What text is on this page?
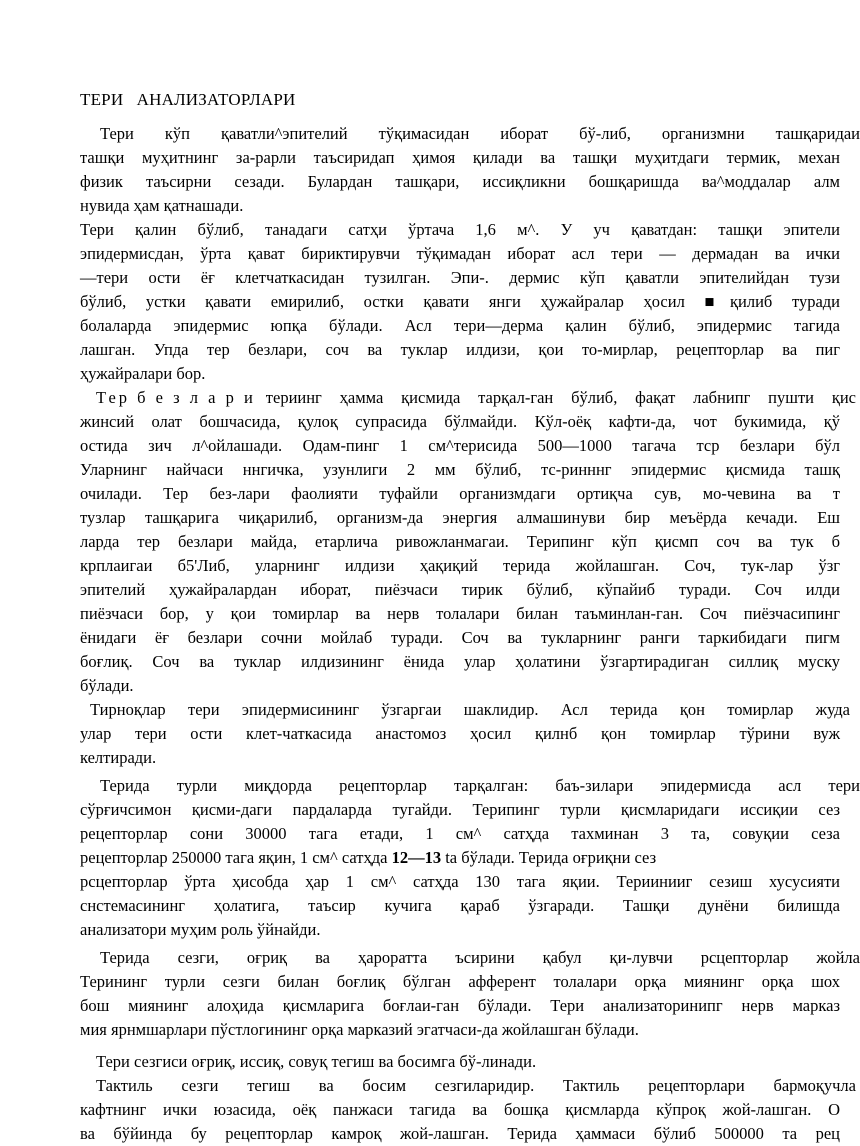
ТЕРИ   АНАЛИЗАТОРЛАРИ
Тери кўп қаватли^эпителий тўқимасидан иборат бў-либ, организмни ташқаридаи
ташқи муҳитнинг за-рарли таъсиридап ҳимоя қилади ва ташқи муҳитдаги термик, механ
физик таъсирни сезади. Булардан ташқари, иссиқликни бошқаришда ва^моддалар алм
нувида ҳам қатнашади.
Тери қалин бўлиб, танадаги сатҳи ўртача 1,6 м^. У уч қаватдан: ташқи эпители
эпидермисдан, ўрта қават бириктирувчи тўқимадан иборат асл тери — дермадан ва ички
—тери ости ёғ клетчаткасидан тузилган. Эпи-. дермис кўп қаватли эпителийдан тузи
бўлиб, устки қавати емирилиб, остки қавати янги ҳужайралар ҳосил ■қилиб туради
болаларда эпидермис юпқа бўлади. Асл тери—дерма қалин бўлиб, эпидермис тагида
лашган. Упда тер безлари, соч ва туклар илдизи, қои то-мирлар, рецепторлар ва пиг
ҳужайралари бор.
Тер б е з л а р и териинг ҳамма қисмида тарқал-ган бўлиб, фақат лабнипг пушти қис
жинсий олат бошчасида, қулоқ супрасида бўлмайди. Кўл-оёқ кафти-да, чот букимида, қў
остида зич л^ойлашади. Одам-пинг 1 см^терисида 500—1000 тагача тср безлари бўл
Уларнинг найчаси ннгичка, узунлиги 2 мм бўлиб, тс-ринннг эпидермис қисмида ташқ
очилади. Тер без-лари фаолияти туфайли организмдаги ортиқча сув, мо-чевина ва т
тузлар ташқарига чиқарилиб, организм-да энергия алмашинуви бир меъёрда кечади. Еш
ларда тер безлари майда, етарлича ривожланмагаи. Терипинг кўп қисмп соч ва тук б
крплаигаи б5'Либ, уларнинг илдизи ҳақиқий терида жойлашган. Соч, тук-лар ўзг
эпителий ҳужайралардан иборат, пиёзчаси тирик бўлиб, кўпайиб туради. Соч илди
пиёзчаси бор, у қои томирлар ва нерв толалари билан таъминлан-ган. Соч пиёзчасипинг
ёнидаги ёғ безлари сочни мойлаб туради. Соч ва тукларнинг ранги таркибидаги пигм
боғлиқ. Соч ва туклар илдизининг ёнида улар ҳолатини ўзгартирадиган силлиқ муску
бўлади.
Тирноқлар тери эпидермисининг ўзгаргаи шаклидир. Асл терида қон томирлар жуда
улар тери ости клет-чаткасида анастомоз ҳосил қилнб қон томирлар тўрини вуж
келтиради.
Терида турли миқдорда рецепторлар тарқалган: баъ-зилари эпидермисда асл тери
сўрғичсимон қисми-даги пардаларда тугайди. Терипинг турли қисмларидаги иссиқии сез
рецепторлар сони 30000 тага етади, 1 см^ сатҳда тахминан 3 та, совуқии сеза
рецепторлар 250000 тага яқин, 1 см^ сатҳда 12—13 ta бўлади. Терида оғриқни сез
рсцепторлар ўрта ҳисобда ҳар 1 см^ сатҳда 130 тага яқии. Териинииг сезиш хусусияти
снстемасининг ҳолатига, таъсир кучига қараб ўзгаради. Ташқи дунёни билишда
анализатори муҳим роль ўйнайди.
Терида сезги, оғриқ ва ҳароратта ъсирини қабул қи-лувчи рсцепторлар жойла
Терининг турли сезги билан боғлиқ бўлган афферент толалари орқа миянинг орқа шох
бош миянинг алоҳида қисмларига боғлаи-ган бўлади. Тери анализаторинипг нерв марказ
мия ярнмшарлари пўстлогининг орқа марказий эгатчаси-да жойлашган бўлади.
Тери сезгиси оғриқ, иссиқ, совуқ тегиш ва босимга бў-линади.
Тактиль сезги тегиш ва босим сезгиларидир. Тактиль рецепторлари бармоқучла
кафтнинг ички юзасида, оёқ панжаси тагида ва бошқа қисмларда кўпроқ жой-лашган. О
ва бўйинда бу рецепторлар камроқ жой-лашган. Терида ҳаммаси бўлиб 500000 та рец
